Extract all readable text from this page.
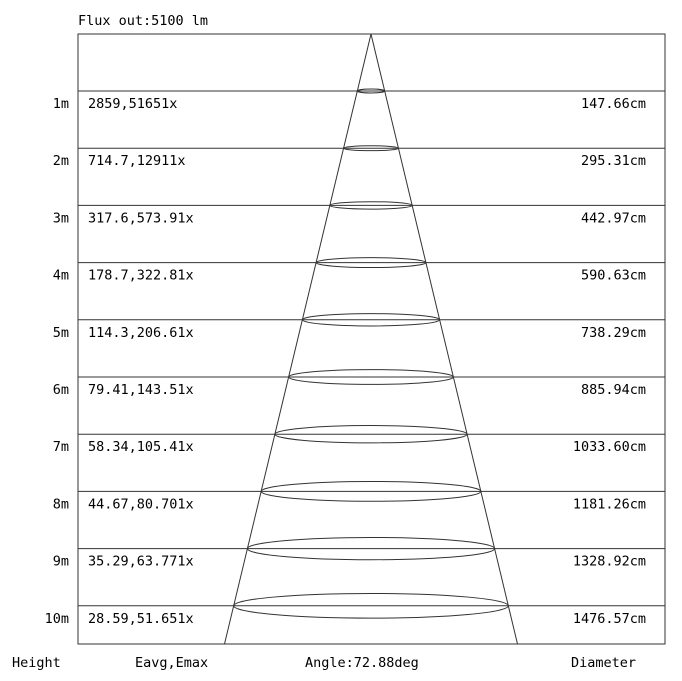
Flux out:5100 lm
1m 2859,51651x	147.66cm
2m 714.7,12911x	295.31cm
3m 317.6,573.91x	442.97cm
4m 178.7,322.81x	590.63cm
5m 114.3,206.61x	738.29cm
6m 79.41,143.51x	885.94cm
7m 58.34,105.41x	1033.60cm
8m 44.67,80.701x	1181.26cm
9m 35.29,63.771x	1328.92cm
10m 28.59,51.651x	1476.57cm
Height	Eavg,Emax	Angle:72.88deg	Diameter
